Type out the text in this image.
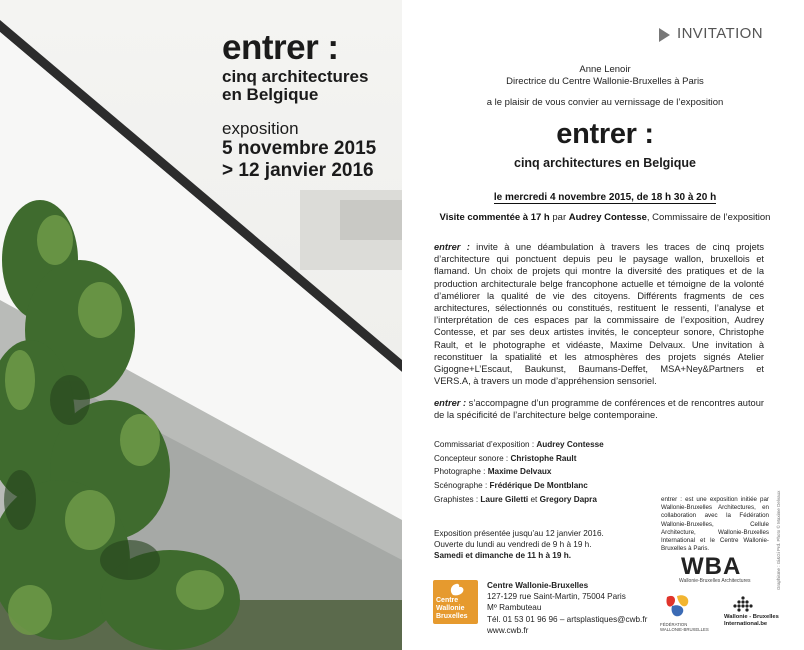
entrer :
cinq architectures
en Belgique
exposition
5 novembre 2015
> 12 janvier 2016
INVITATION
Anne Lenoir
Directrice du Centre Wallonie-Bruxelles à Paris
a le plaisir de vous convier au vernissage de l’exposition
entrer :
cinq architectures en Belgique
le mercredi 4 novembre 2015, de 18 h 30 à 20 h
Visite commentée à 17 h par Audrey Contesse, Commissaire de l’exposition

entrer : invite à une déambulation à travers les traces de cinq projets d’architecture qui ponctuent depuis peu le paysage wallon, bruxellois et flamand. Un choix de projets qui montre la diversité des pratiques et de la production architecturale belge francophone actuelle et témoigne de la volonté d’améliorer la qualité de vie des citoyens. Différents fragments de ces architectures, sélectionnés ou constitués, restituent le ressenti, l’analyse et l’interprétation de ces espaces par la commissaire de l’exposition, Audrey Contesse, et par ses deux artistes invités, le concepteur sonore, Christophe Rault, et le photographe et vidéaste, Maxime Delvaux. Une invitation à reconstituer la spatialité et les atmosphères des projets signés Atelier Gigogne+L’Escaut, Baukunst, Baumans-Deffet, MSA+Ney&Partners et VERS.A, à travers un mode d’appréhension sensoriel.

entrer : s’accompagne d’un programme de conférences et de rencontres autour de la spécificité de l’architecture belge contemporaine.

Commissariat d’exposition : Audrey Contesse
Concepteur sonore : Christophe Rault
Photographe : Maxime Delvaux
Scénographe : Frédérique De Montblanc
Graphistes : Laure Giletti et Gregory Dapra
Exposition présentée jusqu’au 12 janvier 2016.
Ouverte du lundi au vendredi de 9 h à 19 h.
Samedi et dimanche de 11 h à 19 h.
Centre
Wallonie
Bruxelles
Centre Wallonie-Bruxelles
127-129 rue Saint-Martin, 75004 Paris
Mº Rambuteau
Tél. 01 53 01 96 96 – artsplastiques@cwb.fr
www.cwb.fr
entrer : est une exposition initiée par Wallonie-Bruxelles Architectures, en collaboration avec la Fédération Wallonie-Bruxelles, Cellule Architecture, Wallonie-Bruxelles International et le Centre Wallonie-Bruxelles à Paris.
WBA
Wallonie-Bruxelles Architectures
FÉDÉRATION WALLONIE-BRUXELLES
Wallonie - Bruxelles
International.be
Graphisme : Gi&Gi Prd. Photo © Maxime Delvaux
